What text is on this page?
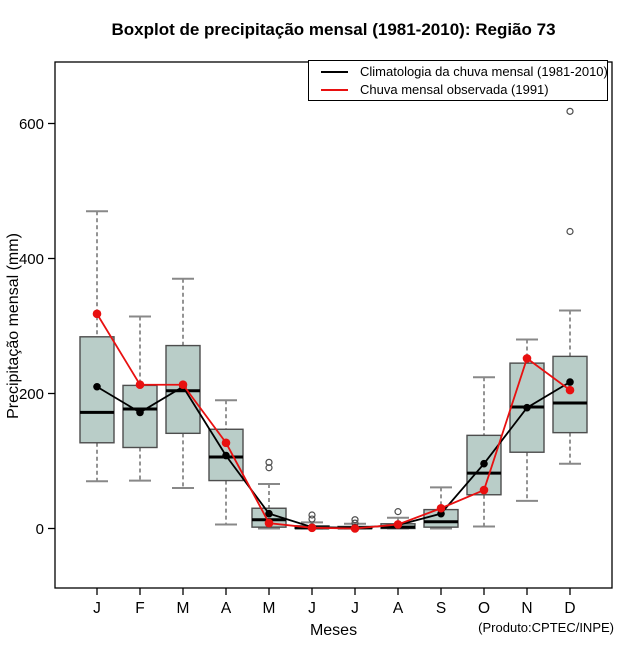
Boxplot de precipitação mensal (1981-2010): Região 73
0
200
400
600
J F M A M J J A S O N D
Climatologia da chuva mensal (1981-2010)
Chuva mensal observada (1991)
Precipitação mensal (mm)
Meses	(Produto:CPTEC/INPE)
